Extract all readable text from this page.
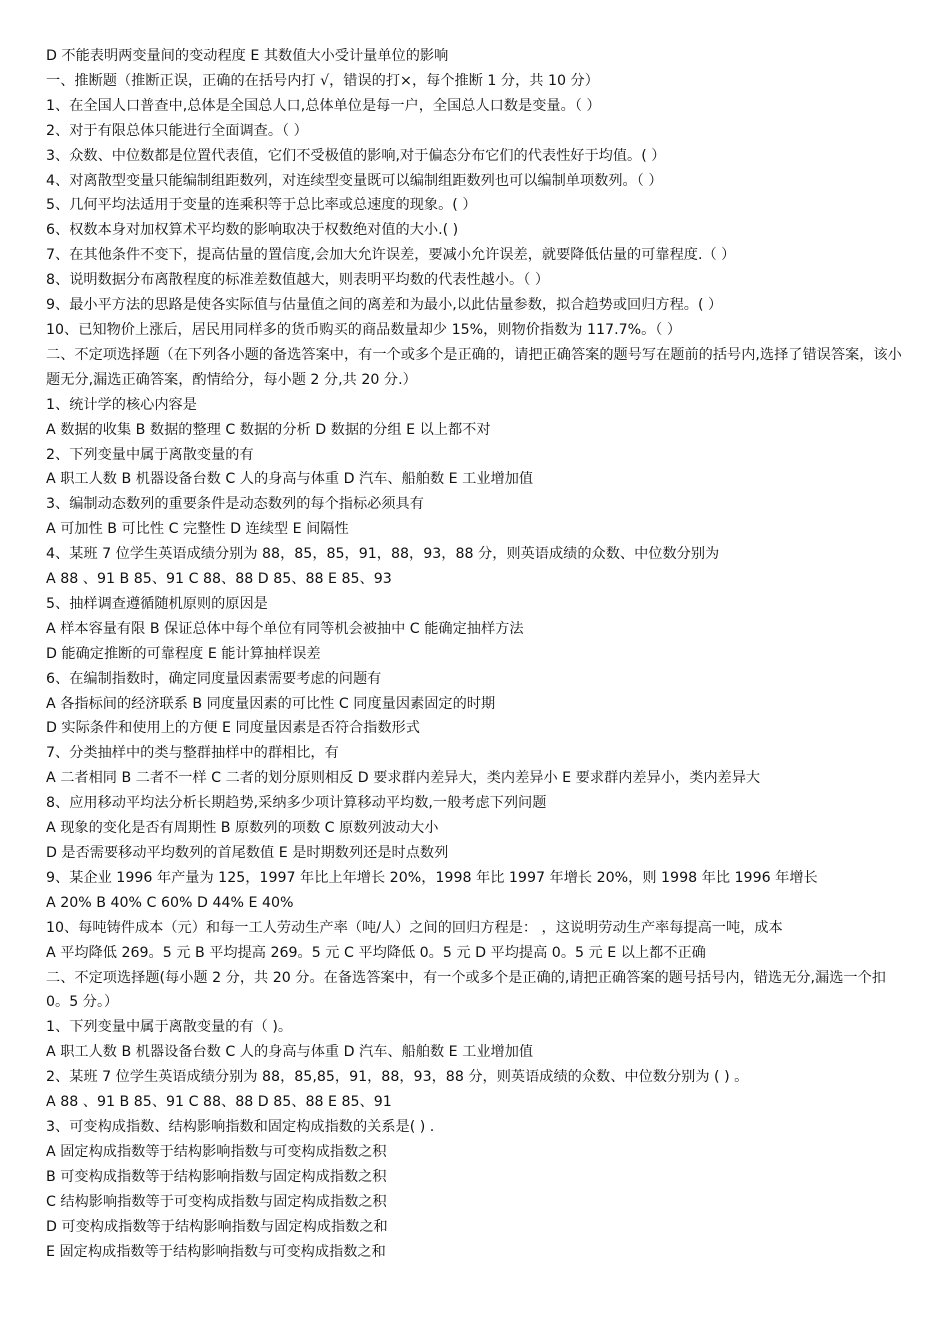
D 不能表明两变量间的变动程度 E 其数值大小受计量单位的影响
一、推断题（推断正误，正确的在括号内打 √，错误的打×，每个推断 1 分，共 10 分）
1、在全国人口普查中,总体是全国总人口,总体单位是每一户，全国总人口数是变量。（ ）
2、对于有限总体只能进行全面调查。（ ）
3、众数、中位数都是位置代表值，它们不受极值的影响,对于偏态分布它们的代表性好于均值。( ）
4、对离散型变量只能编制组距数列，对连续型变量既可以编制组距数列也可以编制单项数列。（ ）
5、几何平均法适用于变量的连乘积等于总比率或总速度的现象。( ）
6、权数本身对加权算术平均数的影响取决于权数绝对值的大小.( )
7、在其他条件不变下，提高估量的置信度,会加大允许误差，要减小允许误差，就要降低估量的可靠程度.（ ）
8、说明数据分布离散程度的标准差数值越大，则表明平均数的代表性越小。（ ）
9、最小平方法的思路是使各实际值与估量值之间的离差和为最小,以此估量参数，拟合趋势或回归方程。( ）
10、已知物价上涨后，居民用同样多的货币购买的商品数量却少 15%，则物价指数为 117.7%。（ ）
二、不定项选择题（在下列各小题的备选答案中，有一个或多个是正确的，请把正确答案的题号写在题前的括号内,选择了错误答案，该小题无分,漏选正确答案，酌情给分，每小题 2 分,共 20 分.）
1、统计学的核心内容是
A 数据的收集 B 数据的整理 C 数据的分析 D 数据的分组 E 以上都不对
2、下列变量中属于离散变量的有
A 职工人数 B 机器设备台数 C 人的身高与体重 D 汽车、船舶数 E 工业增加值
3、编制动态数列的重要条件是动态数列的每个指标必须具有
A 可加性 B 可比性 C 完整性 D 连续型 E 间隔性
4、某班 7 位学生英语成绩分别为 88，85，85，91，88，93，88 分，则英语成绩的众数、中位数分别为
A 88 、91 B 85、91 C 88、88 D 85、88 E 85、93
5、抽样调查遵循随机原则的原因是
A 样本容量有限 B 保证总体中每个单位有同等机会被抽中 C 能确定抽样方法
D 能确定推断的可靠程度 E 能计算抽样误差
6、在编制指数时，确定同度量因素需要考虑的问题有
A 各指标间的经济联系 B 同度量因素的可比性 C 同度量因素固定的时期
D 实际条件和使用上的方便 E 同度量因素是否符合指数形式
7、分类抽样中的类与整群抽样中的群相比，有
A 二者相同 B 二者不一样 C 二者的划分原则相反 D 要求群内差异大，类内差异小 E 要求群内差异小，类内差异大
8、应用移动平均法分析长期趋势,采纳多少项计算移动平均数,一般考虑下列问题
A 现象的变化是否有周期性 B 原数列的项数 C 原数列波动大小
D 是否需要移动平均数列的首尾数值 E 是时期数列还是时点数列
9、某企业 1996 年产量为 125，1997 年比上年增长 20%，1998 年比 1997 年增长 20%，则 1998 年比 1996 年增长
A 20% B 40% C 60% D 44% E 40%
10、每吨铸件成本（元）和每一工人劳动生产率（吨/人）之间的回归方程是： ，这说明劳动生产率每提高一吨，成本
A 平均降低 269。5 元 B 平均提高 269。5 元 C 平均降低 0。5 元 D 平均提高 0。5 元 E 以上都不正确
二、不定项选择题(每小题 2 分，共 20 分。在备选答案中，有一个或多个是正确的,请把正确答案的题号括号内，错选无分,漏选一个扣 0。5 分。）
1、下列变量中属于离散变量的有（ )。
A 职工人数 B 机器设备台数 C 人的身高与体重 D 汽车、船舶数 E 工业增加值
2、某班 7 位学生英语成绩分别为 88，85,85，91，88，93，88 分，则英语成绩的众数、中位数分别为 ( ) 。
A 88 、91 B 85、91 C 88、88 D 85、88 E 85、91
3、可变构成指数、结构影响指数和固定构成指数的关系是( ) .
A 固定构成指数等于结构影响指数与可变构成指数之积
B 可变构成指数等于结构影响指数与固定构成指数之积
C 结构影响指数等于可变构成指数与固定构成指数之积
D 可变构成指数等于结构影响指数与固定构成指数之和
E 固定构成指数等于结构影响指数与可变构成指数之和
